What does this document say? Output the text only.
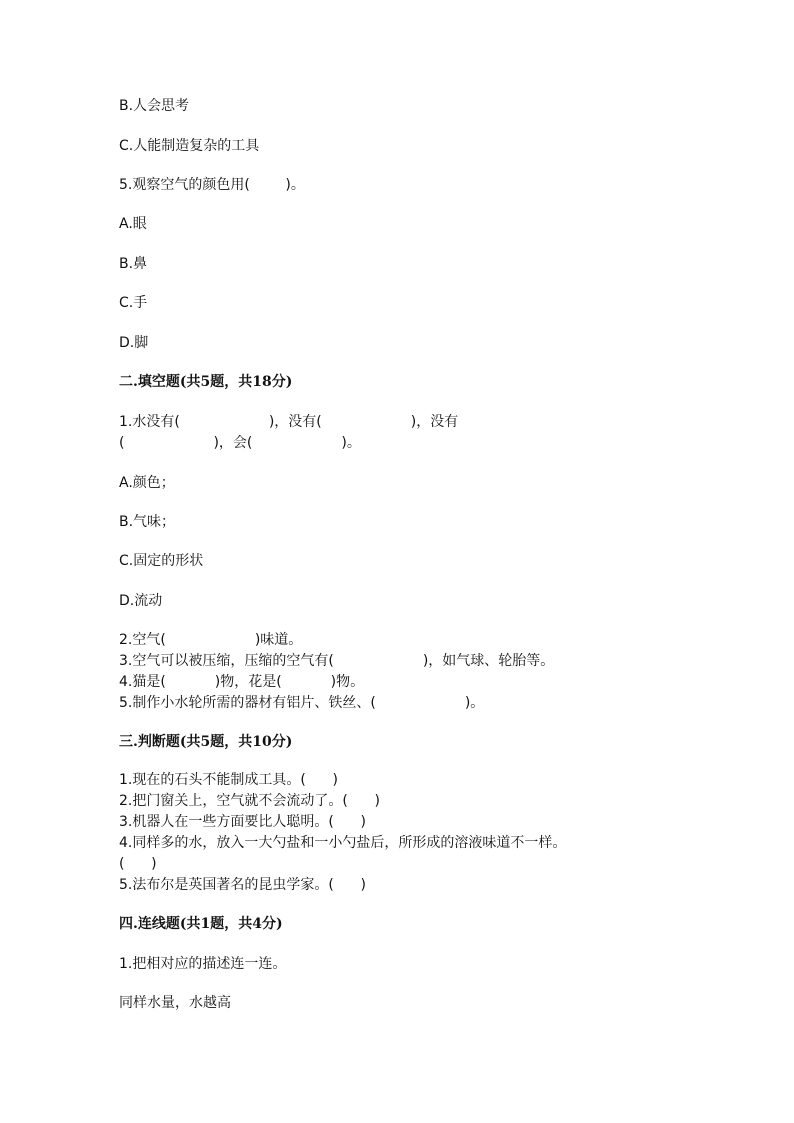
B.人会思考
C.人能制造复杂的工具
5.观察空气的颜色用(        )。
A.眼
B.鼻
C.手
D.脚
二.填空题(共5题，共18分)
1.水没有(                    )，没有(                    )，没有
(                    )，会(                    )。
A.颜色；
B.气味；
C.固定的形状
D.流动
2.空气(                    )味道。
3.空气可以被压缩，压缩的空气有(                    )，如气球、轮胎等。
4.猫是(           )物，花是(           )物。
5.制作小水轮所需的器材有铝片、铁丝、(                    )。
三.判断题(共5题，共10分)
1.现在的石头不能制成工具。(      )
2.把门窗关上，空气就不会流动了。(      )
3.机器人在一些方面要比人聪明。(      )
4.同样多的水，放入一大勺盐和一小勺盐后，所形成的溶液味道不一样。
(      )
5.法布尔是英国著名的昆虫学家。(      )
四.连线题(共1题，共4分)
1.把相对应的描述连一连。
同样水量，水越高
